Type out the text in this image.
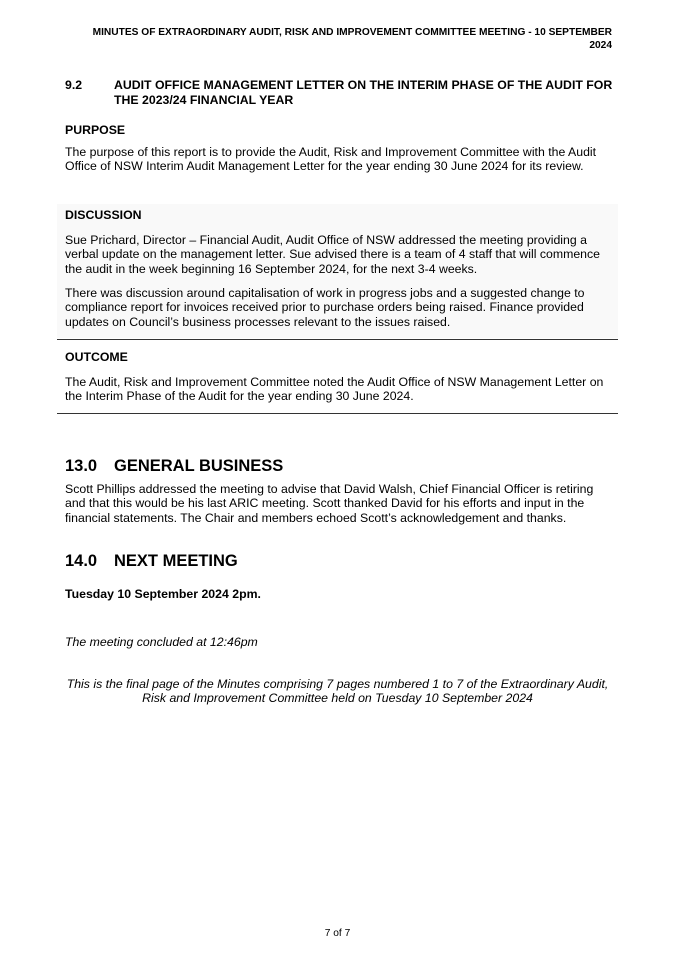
MINUTES OF EXTRAORDINARY AUDIT, RISK AND IMPROVEMENT COMMITTEE MEETING - 10 SEPTEMBER 2024
9.2	AUDIT OFFICE MANAGEMENT LETTER ON THE INTERIM PHASE OF THE AUDIT FOR THE 2023/24 FINANCIAL YEAR
PURPOSE
The purpose of this report is to provide the Audit, Risk and Improvement Committee with the Audit Office of NSW Interim Audit Management Letter for the year ending 30 June 2024 for its review.
DISCUSSION
Sue Prichard, Director – Financial Audit, Audit Office of NSW addressed the meeting providing a verbal update on the management letter. Sue advised there is a team of 4 staff that will commence the audit in the week beginning 16 September 2024, for the next 3-4 weeks.
There was discussion around capitalisation of work in progress jobs and a suggested change to compliance report for invoices received prior to purchase orders being raised. Finance provided updates on Council’s business processes relevant to the issues raised.
OUTCOME
The Audit, Risk and Improvement Committee noted the Audit Office of NSW Management Letter on the Interim Phase of the Audit for the year ending 30 June 2024.
13.0 GENERAL BUSINESS
Scott Phillips addressed the meeting to advise that David Walsh, Chief Financial Officer is retiring and that this would be his last ARIC meeting. Scott thanked David for his efforts and input in the financial statements. The Chair and members echoed Scott’s acknowledgement and thanks.
14.0 NEXT MEETING
Tuesday 10 September 2024 2pm.
The meeting concluded at 12:46pm
This is the final page of the Minutes comprising 7 pages numbered 1 to 7 of the Extraordinary Audit, Risk and Improvement Committee held on Tuesday 10 September 2024
7 of 7
